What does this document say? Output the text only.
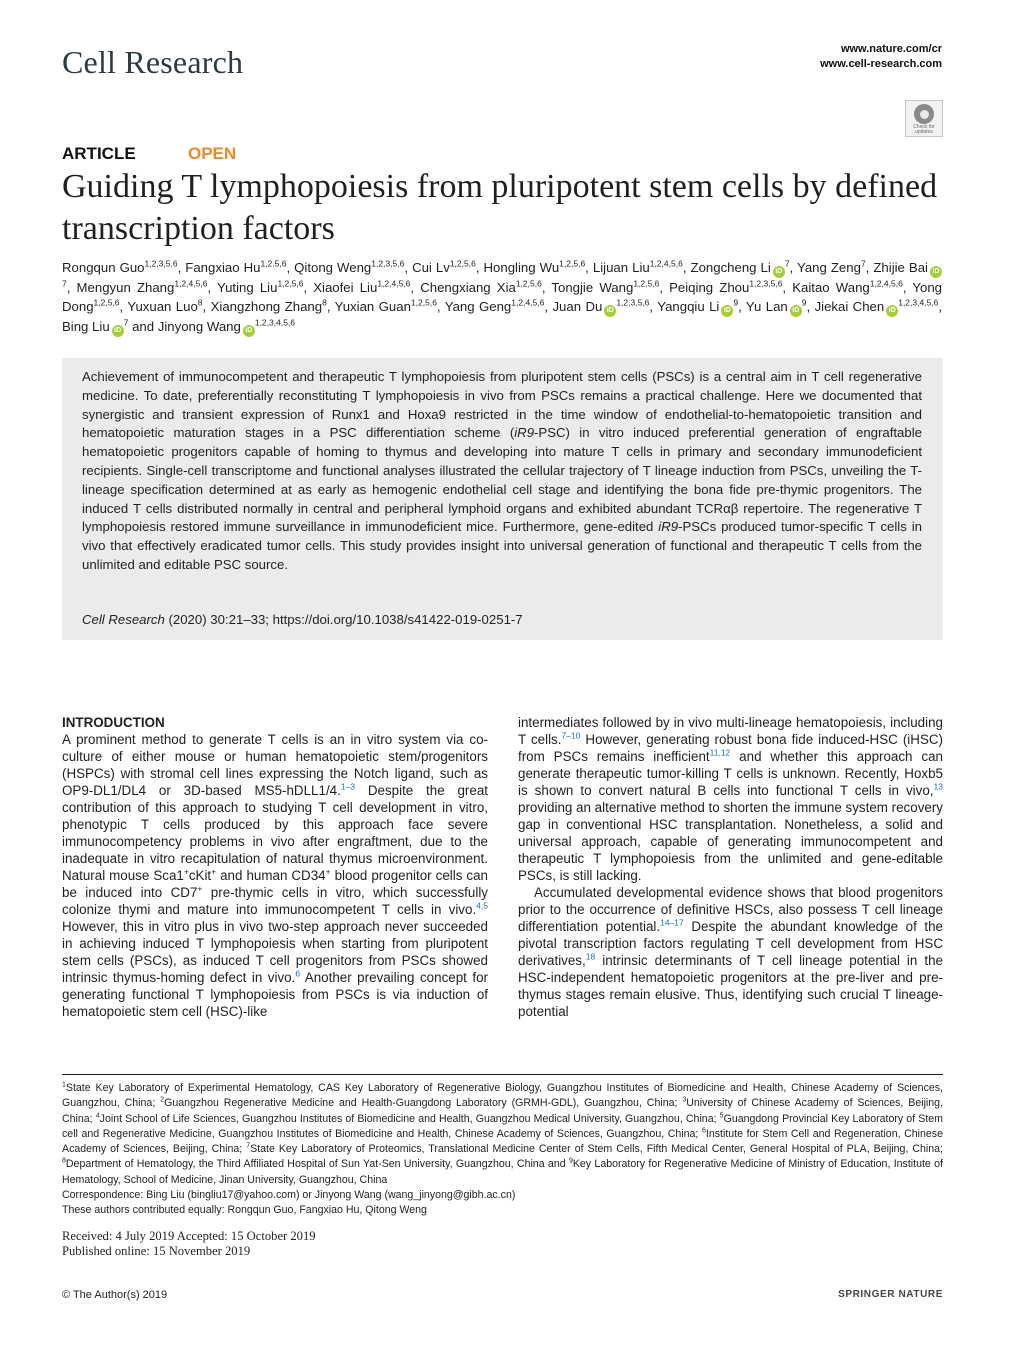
Cell Research	www.nature.com/cr
www.cell-research.com
Check for updates
ARTICLE	OPEN
Guiding T lymphopoiesis from pluripotent stem cells by defined transcription factors
Rongqun Guo$^{1,2,3,5,6}$, Fangxiao Hu$^{1,2,5,6}$, Qitong Weng$^{1,2,3,5,6}$, Cui Lv$^{1,2,5,6}$, Hongling Wu$^{1,2,5,6}$, Lijuan Liu$^{1,2,4,5,6}$, Zongcheng Li $iD^7$, Yang Zeng$^7$, Zhijie Bai $iD^7$, Mengyun Zhang$^{1,2,4,5,6}$, Yuting Liu$^{1,2,5,6}$, Xiaofei Liu$^{1,2,4,5,6}$, Chengxiang Xia$^{1,2,5,6}$, Tongjie Wang$^{1,2,5,6}$, Peiqing Zhou$^{1,2,3,5,6}$, Kaitao Wang$^{1,2,4,5,6}$, Yong Dong$^{1,2,5,6}$, Yuxuan Luo$^8$, Xiangzhong Zhang$^8$, Yuxian Guan$^{1,2,5,6}$, Yang Geng$^{1,2,4,5,6}$, Juan Du iD$^{1,2,3,5,6}$, Yangqiu Li $iD^9$, Yu Lan $iD^9$, Jiekai Chen iD$^{1,2,3,4,5,6}$, Bing Liu $iD^7$ and Jinyong Wang iD$^{1,2,3,4,5,6}$
Achievement of immunocompetent and therapeutic T lymphopoiesis from pluripotent stem cells (PSCs) is a central aim in T cell regenerative medicine. To date, preferentially reconstituting T lymphopoiesis in vivo from PSCs remains a practical challenge. Here we documented that synergistic and transient expression of Runx1 and Hoxa9 restricted in the time window of endothelial-to-hematopoietic transition and hematopoietic maturation stages in a PSC differentiation scheme (iR9-PSC) in vitro induced preferential generation of engraftable hematopoietic progenitors capable of homing to thymus and developing into mature T cells in primary and secondary immunodeficient recipients. Single-cell transcriptome and functional analyses illustrated the cellular trajectory of T lineage induction from PSCs, unveiling the T-lineage specification determined at as early as hemogenic endothelial cell stage and identifying the bona fide pre-thymic progenitors. The induced T cells distributed normally in central and peripheral lymphoid organs and exhibited abundant TCRαβ repertoire. The regenerative T lymphopoiesis restored immune surveillance in immunodeficient mice. Furthermore, gene-edited iR9-PSCs produced tumor-specific T cells in vivo that effectively eradicated tumor cells. This study provides insight into universal generation of functional and therapeutic T cells from the unlimited and editable PSC source.
Cell Research (2020) 30:21–33; https://doi.org/10.1038/s41422-019-0251-7
INTRODUCTION

A prominent method to generate T cells is an in vitro system via co-culture of either mouse or human hematopoietic stem/progenitors (HSPCs) with stromal cell lines expressing the Notch ligand, such as OP9-DL1/DL4 or 3D-based MS5-hDLL1/4.$^{1-3}$ Despite the great contribution of this approach to studying T cell development in vitro, phenotypic T cells produced by this approach face severe immunocompetency problems in vivo after engraftment, due to the inadequate in vitro recapitulation of natural thymus microenvironment. Natural mouse Sca1+cKit+ and human CD34+ blood progenitor cells can be induced into CD7+ pre-thymic cells in vitro, which successfully colonize thymi and mature into immunocompetent T cells in vivo.$^{4,5}$ However, this in vitro plus in vivo two-step approach never succeeded in achieving induced T lymphopoiesis when starting from pluripotent stem cells (PSCs), as induced T cell progenitors from PSCs showed intrinsic thymus-homing defect in vivo.$^6$ Another prevailing concept for generating functional T lymphopoiesis from PSCs is via induction of hematopoietic stem cell (HSC)-like

intermediates followed by in vivo multi-lineage hematopoiesis, including T cells.$^{7-10}$ However, generating robust bona fide induced-HSC (iHSC) from PSCs remains inefficient$^{11,12}$ and whether this approach can generate therapeutic tumor-killing T cells is unknown. Recently, Hoxb5 is shown to convert natural B cells into functional T cells in vivo,$^{13}$ providing an alternative method to shorten the immune system recovery gap in conventional HSC transplantation. Nonetheless, a solid and universal approach, capable of generating immunocompetent and therapeutic T lymphopoiesis from the unlimited and gene-editable PSCs, is still lacking.

Accumulated developmental evidence shows that blood progenitors prior to the occurrence of definitive HSCs, also possess T cell lineage differentiation potential.$^{14-17}$ Despite the abundant knowledge of the pivotal transcription factors regulating T cell development from HSC derivatives,$^{18}$ intrinsic determinants of T cell lineage potential in the HSC-independent hematopoietic progenitors at the pre-liver and pre-thymus stages remain elusive. Thus, identifying such crucial T lineage-potential

$^1$State Key Laboratory of Experimental Hematology, CAS Key Laboratory of Regenerative Biology, Guangzhou Institutes of Biomedicine and Health, Chinese Academy of Sciences, Guangzhou, China; $^2$Guangzhou Regenerative Medicine and Health-Guangdong Laboratory (GRMH-GDL), Guangzhou, China; $^3$University of Chinese Academy of Sciences, Beijing, China; $^4$Joint School of Life Sciences, Guangzhou Institutes of Biomedicine and Health, Guangzhou Medical University, Guangzhou, China; $^5$Guangdong Provincial Key Laboratory of Stem cell and Regenerative Medicine, Guangzhou Institutes of Biomedicine and Health, Chinese Academy of Sciences, Guangzhou, China; $^6$Institute for Stem Cell and Regeneration, Chinese Academy of Sciences, Beijing, China; $^7$State Key Laboratory of Proteomics, Translational Medicine Center of Stem Cells, Fifth Medical Center, General Hospital of PLA, Beijing, China; $^8$Department of Hematology, the Third Affiliated Hospital of Sun Yat-Sen University, Guangzhou, China and $^9$Key Laboratory for Regenerative Medicine of Ministry of Education, Institute of Hematology, School of Medicine, Jinan University, Guangzhou, China
Correspondence: Bing Liu (bingliu17@yahoo.com) or Jinyong Wang (wang_jinyong@gibh.ac.cn)
These authors contributed equally: Rongqun Guo, Fangxiao Hu, Qitong Weng
Received: 4 July 2019 Accepted: 15 October 2019
Published online: 15 November 2019
© The Author(s) 2019	SPRINGER NATURE
